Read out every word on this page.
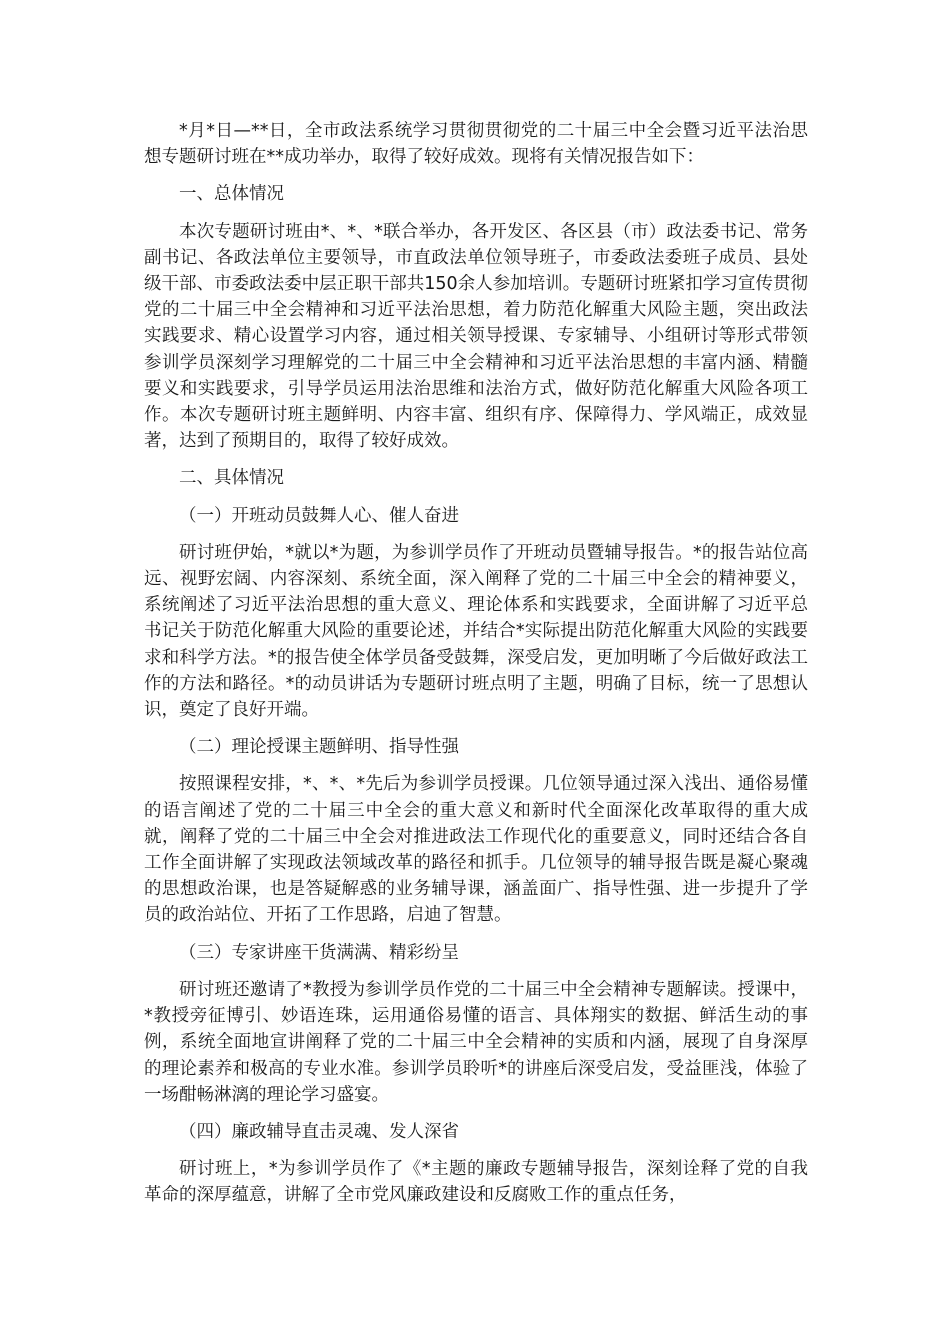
*月*日—**日，全市政法系统学习贯彻贯彻党的二十届三中全会暨习近平法治思想专题研讨班在**成功举办，取得了较好成效。现将有关情况报告如下：

一、总体情况

本次专题研讨班由*、*、*联合举办，各开发区、各区县（市）政法委书记、常务副书记、各政法单位主要领导，市直政法单位领导班子，市委政法委班子成员、县处级干部、市委政法委中层正职干部共150余人参加培训。专题研讨班紧扣学习宣传贯彻党的二十届三中全会精神和习近平法治思想，着力防范化解重大风险主题，突出政法实践要求、精心设置学习内容，通过相关领导授课、专家辅导、小组研讨等形式带领参训学员深刻学习理解党的二十届三中全会精神和习近平法治思想的丰富内涵、精髓要义和实践要求，引导学员运用法治思维和法治方式，做好防范化解重大风险各项工作。本次专题研讨班主题鲜明、内容丰富、组织有序、保障得力、学风端正，成效显著，达到了预期目的，取得了较好成效。

二、具体情况

（一）开班动员鼓舞人心、催人奋进

研讨班伊始，*就以*为题，为参训学员作了开班动员暨辅导报告。*的报告站位高远、视野宏阔、内容深刻、系统全面，深入阐释了党的二十届三中全会的精神要义，系统阐述了习近平法治思想的重大意义、理论体系和实践要求，全面讲解了习近平总书记关于防范化解重大风险的重要论述，并结合*实际提出防范化解重大风险的实践要求和科学方法。*的报告使全体学员备受鼓舞，深受启发，更加明晰了今后做好政法工作的方法和路径。*的动员讲话为专题研讨班点明了主题，明确了目标，统一了思想认识，奠定了良好开端。

（二）理论授课主题鲜明、指导性强

按照课程安排，*、*、*先后为参训学员授课。几位领导通过深入浅出、通俗易懂的语言阐述了党的二十届三中全会的重大意义和新时代全面深化改革取得的重大成就，阐释了党的二十届三中全会对推进政法工作现代化的重要意义，同时还结合各自工作全面讲解了实现政法领域改革的路径和抓手。几位领导的辅导报告既是凝心聚魂的思想政治课，也是答疑解惑的业务辅导课，涵盖面广、指导性强、进一步提升了学员的政治站位、开拓了工作思路，启迪了智慧。

（三）专家讲座干货满满、精彩纷呈

研讨班还邀请了*教授为参训学员作党的二十届三中全会精神专题解读。授课中，*教授旁征博引、妙语连珠，运用通俗易懂的语言、具体翔实的数据、鲜活生动的事例，系统全面地宣讲阐释了党的二十届三中全会精神的实质和内涵，展现了自身深厚的理论素养和极高的专业水准。参训学员聆听*的讲座后深受启发，受益匪浅，体验了一场酣畅淋漓的理论学习盛宴。

（四）廉政辅导直击灵魂、发人深省

研讨班上，*为参训学员作了《*主题的廉政专题辅导报告，深刻诠释了党的自我革命的深厚蕴意，讲解了全市党风廉政建设和反腐败工作的重点任务，
